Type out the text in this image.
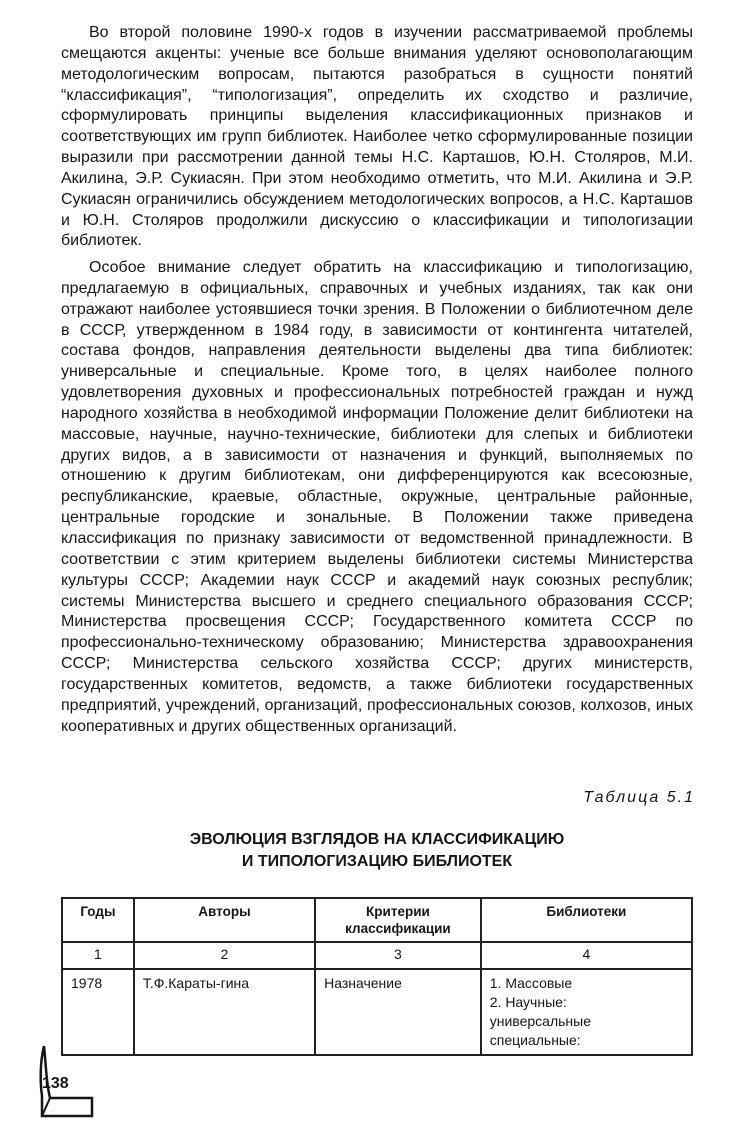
Во второй половине 1990-х годов в изучении рассматриваемой проблемы смещаются акценты: ученые все больше внимания уделяют основополагающим методологическим вопросам, пытаются разобраться в сущности понятий “классификация”, “типологизация”, определить их сходство и различие, сформулировать принципы выделения классификационных признаков и соответствующих им групп библиотек. Наиболее четко сформулированные позиции выразили при рассмотрении данной темы Н.С. Карташов, Ю.Н. Столяров, М.И. Акилина, Э.Р. Сукиасян. При этом необходимо отметить, что М.И. Акилина и Э.Р. Сукиасян ограничились обсуждением методологических вопросов, а Н.С. Карташов и Ю.Н. Столяров продолжили дискуссию о классификации и типологизации библиотек.

Особое внимание следует обратить на классификацию и типологизацию, предлагаемую в официальных, справочных и учебных изданиях, так как они отражают наиболее устоявшиеся точки зрения. В Положении о библиотечном деле в СССР, утвержденном в 1984 году, в зависимости от контингента читателей, состава фондов, направления деятельности выделены два типа библиотек: универсальные и специальные. Кроме того, в целях наиболее полного удовлетворения духовных и профессиональных потребностей граждан и нужд народного хозяйства в необходимой информации Положение делит библиотеки на массовые, научные, научно-технические, библиотеки для слепых и библиотеки других видов, а в зависимости от назначения и функций, выполняемых по отношению к другим библиотекам, они дифференцируются как всесоюзные, республиканские, краевые, областные, окружные, центральные районные, центральные городские и зональные. В Положении также приведена классификация по признаку зависимости от ведомственной принадлежности. В соответствии с этим критерием выделены библиотеки системы Министерства культуры СССР; Академии наук СССР и академий наук союзных республик; системы Министерства высшего и среднего специального образования СССР; Министерства просвещения СССР; Государственного комитета СССР по профессионально-техническому образованию; Министерства здравоохранения СССР; Министерства сельского хозяйства СССР; других министерств, государственных комитетов, ведомств, а также библиотеки государственных предприятий, учреждений, организаций, профессиональных союзов, колхозов, иных кооперативных и других общественных организаций.

Таблица 5.1
ЭВОЛЮЦИЯ ВЗГЛЯДОВ НА КЛАССИФИКАЦИЮ
И ТИПОЛОГИЗАЦИЮ БИБЛИОТЕК
Годы	Авторы	Критерии классификации	Библиотеки
1	2	3	4
1978	Т.Ф.Караты-гина	Назначение	1. Массовые
2. Научные:
универсальные
специальные:
138
